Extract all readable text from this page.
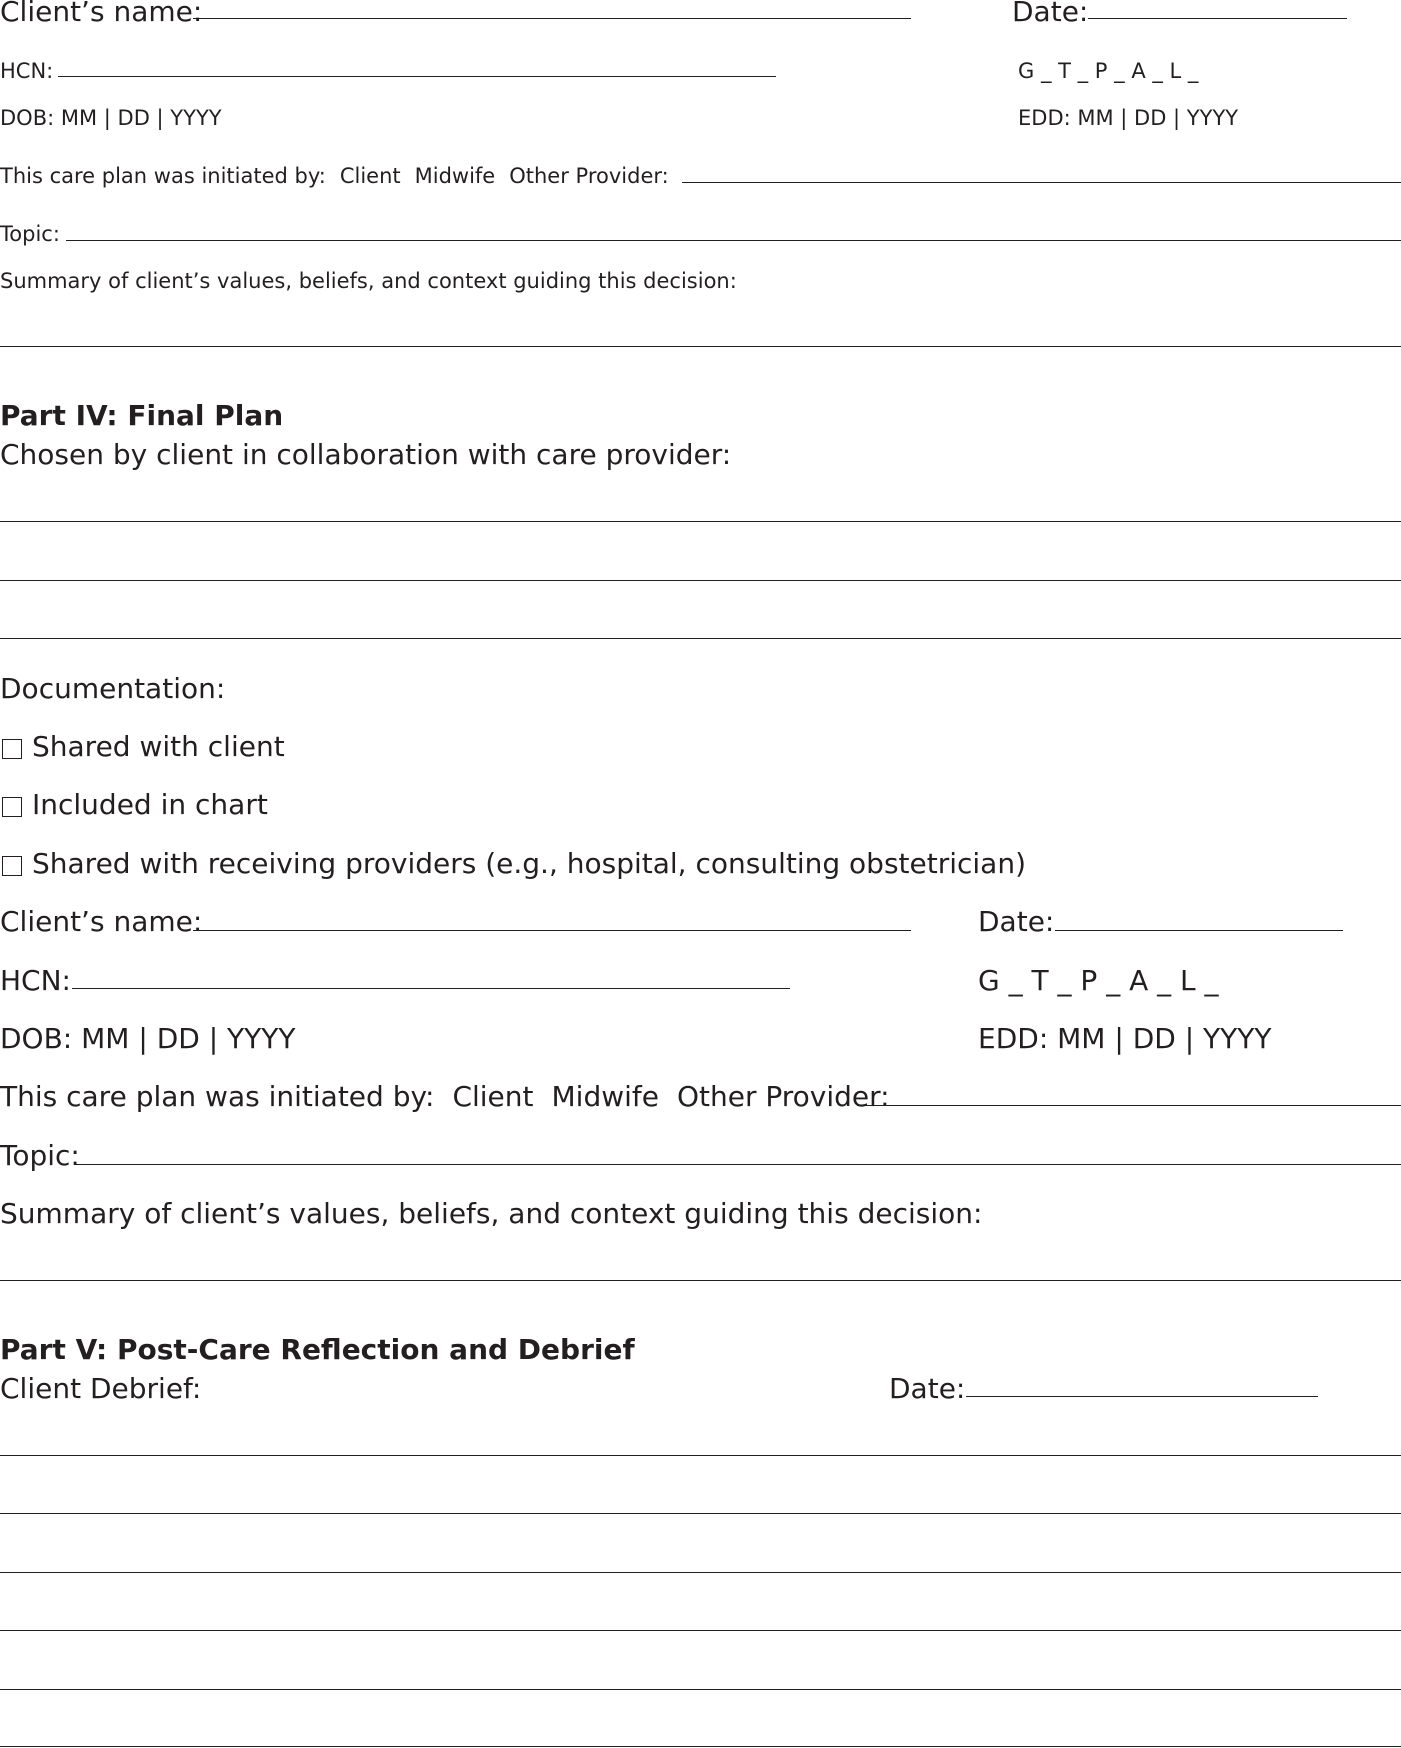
Client’s name:	Date:
HCN:	G _ T _ P _ A _ L _
DOB: MM | DD | YYYY	EDD: MM | DD | YYYY
This care plan was initiated by: Client Midwife Other Provider:
Topic:
Summary of client’s values, beliefs, and context guiding this decision:
Part IV: Final Plan
Chosen by client in collaboration with care provider:
Documentation:
Shared with client
Included in chart
Shared with receiving providers (e.g., hospital, consulting obstetrician)
Client’s name:	Date:
HCN:	G _ T _ P _ A _ L _
DOB: MM | DD | YYYY	EDD: MM | DD | YYYY
This care plan was initiated by: Client Midwife Other Provider:
Topic:
Summary of client’s values, beliefs, and context guiding this decision:
Part V: Post-Care Reflection and Debrief
Client Debrief:	Date:
